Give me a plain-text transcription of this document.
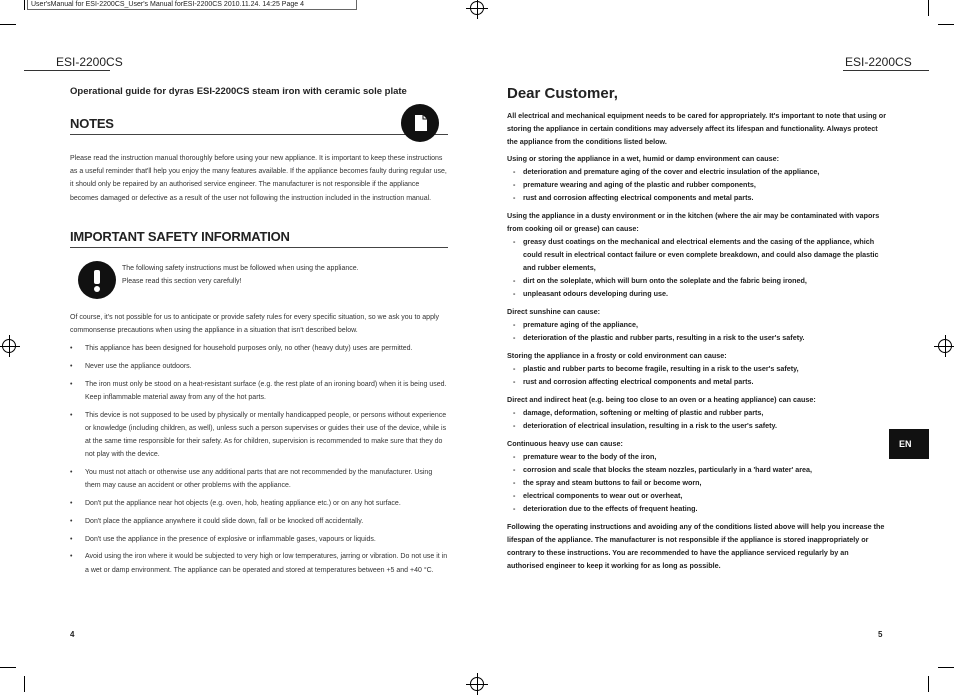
User'sManual for ESI-2200CS_User's Manual forESI-2200CS 2010.11.24. 14:25 Page 4
ESI-2200CS
Operational guide for dyras ESI-2200CS steam iron with ceramic sole plate
NOTES
Please read the instruction manual thoroughly before using your new appliance. It is important to keep these instructions as a useful reminder that'll help you enjoy the many features available. If the appliance becomes faulty during regular use, it should only be repaired by an authorised service engineer. The manufacturer is not responsible if the appliance becomes damaged or defective as a result of the user not following the instruction included in the instruction manual.
IMPORTANT SAFETY INFORMATION
The following safety instructions must be followed when using the appliance.
Please read this section very carefully!
Of course, it's not possible for us to anticipate or provide safety rules for every specific situation, so we ask you to apply commonsense precautions when using the appliance in a situation that isn't described below.
• This appliance has been designed for household purposes only, no other (heavy duty) uses are permitted.
• Never use the appliance outdoors.
• The iron must only be stood on a heat-resistant surface (e.g. the rest plate of an ironing board) when it is being used. Keep inflammable material away from any of the hot parts.
• This device is not supposed to be used by physically or mentally handicapped people, or persons without experience or knowledge (including children, as well), unless such a person supervises or guides their use of the device, while is at the same time responsible for their safety. As for children, supervision is recommended to make sure that they do not play with the device.
• You must not attach or otherwise use any additional parts that are not recommended by the manufacturer. Using them may cause an accident or other problems with the appliance.
• Don't put the appliance near hot objects (e.g. oven, hob, heating appliance etc.) or on any hot surface.
• Don't place the appliance anywhere it could slide down, fall or be knocked off accidentally.
• Don't use the appliance in the presence of explosive or inflammable gases, vapours or liquids.
• Avoid using the iron where it would be subjected to very high or low temperatures, jarring or vibration. Do not use it in a wet or damp environment. The appliance can be operated and stored at temperatures between +5 and +40 °C.
4
ESI-2200CS
Dear Customer,
All electrical and mechanical equipment needs to be cared for appropriately. It's important to note that using or storing the appliance in certain conditions may adversely affect its lifespan and functionality. Always protect the appliance from the conditions listed below.
Using or storing the appliance in a wet, humid or damp environment can cause:
- deterioration and premature aging of the cover and electric insulation of the appliance,
- premature wearing and aging of the plastic and rubber components,
- rust and corrosion affecting electrical components and metal parts.
Using the appliance in a dusty environment or in the kitchen (where the air may be contaminated with vapors from cooking oil or grease) can cause:
- greasy dust coatings on the mechanical and electrical elements and the casing of the appliance, which could result in electrical contact failure or even complete breakdown, and could also damage the plastic and rubber elements,
- dirt on the soleplate, which will burn onto the soleplate and the fabric being ironed,
- unpleasant odours developing during use.
Direct sunshine can cause:
- premature aging of the appliance,
- deterioration of the plastic and rubber parts, resulting in a risk to the user's safety.
Storing the appliance in a frosty or cold environment can cause:
- plastic and rubber parts to become fragile, resulting in a risk to the user's safety,
- rust and corrosion affecting electrical components and metal parts.
Direct and indirect heat (e.g. being too close to an oven or a heating appliance) can cause:
- damage, deformation, softening or melting of plastic and rubber parts,
- deterioration of electrical insulation, resulting in a risk to the user's safety.
Continuous heavy use can cause:
- premature wear to the body of the iron,
- corrosion and scale that blocks the steam nozzles, particularly in a 'hard water' area,
- the spray and steam buttons to fail or become worn,
- electrical components to wear out or overheat,
- deterioration due to the effects of frequent heating.
Following the operating instructions and avoiding any of the conditions listed above will help you increase the lifespan of the appliance. The manufacturer is not responsible if the appliance is stored inappropriately or contrary to these instructions. You are recommended to have the appliance serviced regularly by an authorised engineer to keep it working for as long as possible.
EN
5
